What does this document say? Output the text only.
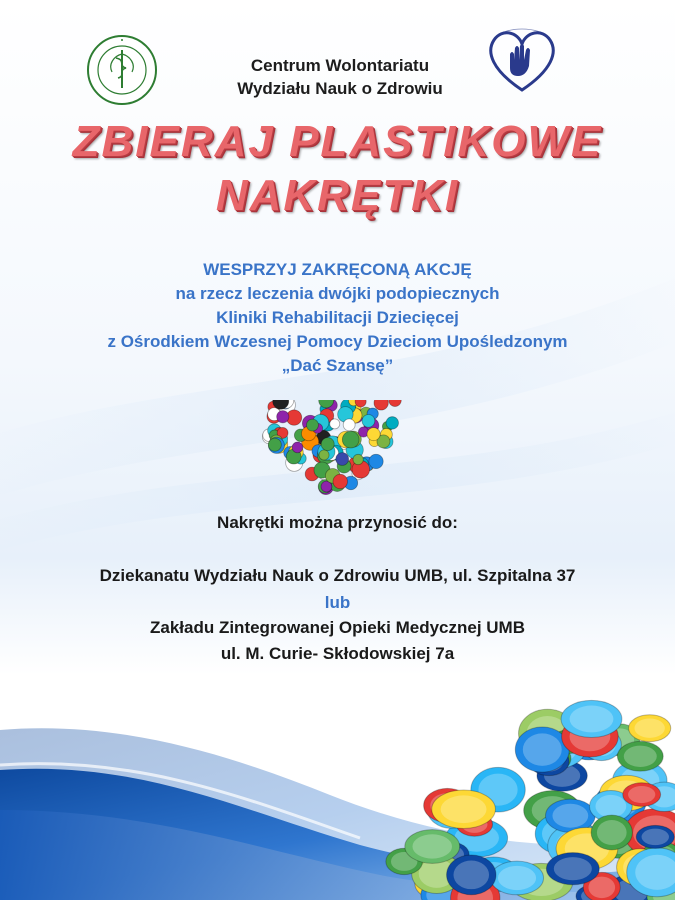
Centrum Wolontariatu
Wydziału Nauk o Zdrowiu
ZBIERAJ PLASTIKOWE
NAKRĘTKI
WESPRZYJ ZAKRĘCONĄ AKCJĘ
na rzecz leczenia dwójki podopiecznych
Kliniki Rehabilitacji Dziecięcej
z Ośrodkiem Wczesnej Pomocy Dzieciom Upośledzonym
„Dać Szansę”
Nakrętki można przynosić do:
Dziekanatu Wydziału Nauk o Zdrowiu UMB, ul. Szpitalna 37
lub
Zakładu Zintegrowanej Opieki Medycznej UMB
ul. M. Curie- Skłodowskiej 7a
